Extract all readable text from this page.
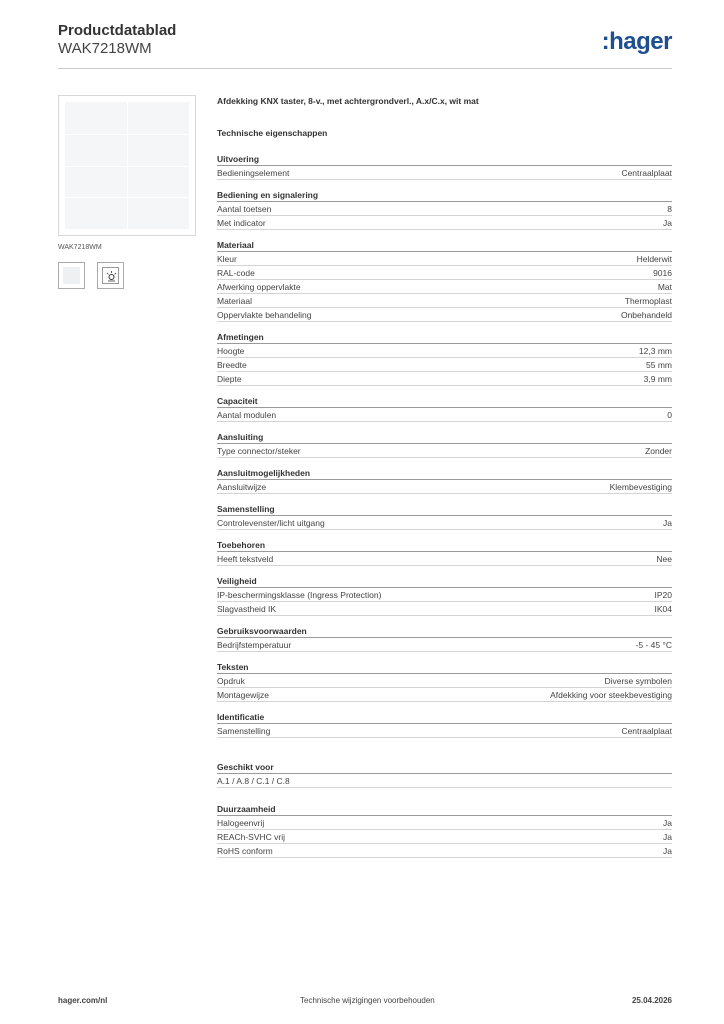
Productdatablad
WAK7218WM	:hager
WAK7218WM
Afdekking KNX taster, 8-v., met achtergrondverl., A.x/C.x, wit mat
Technische eigenschappen
Uitvoering
Bedieningselement	Centraalplaat
Bediening en signalering
Aantal toetsen	8
Met indicator	Ja
Materiaal
Kleur	Helderwit
RAL-code	9016
Afwerking oppervlakte	Mat
Materiaal	Thermoplast
Oppervlakte behandeling	Onbehandeld
Afmetingen
Hoogte	12,3 mm
Breedte	55 mm
Diepte	3,9 mm
Capaciteit
Aantal modulen	0
Aansluiting
Type connector/steker	Zonder
Aansluitmogelijkheden
Aansluitwijze	Klembevestiging
Samenstelling
Controlevenster/licht uitgang	Ja
Toebehoren
Heeft tekstveld	Nee
Veiligheid
IP-beschermingsklasse (Ingress Protection)	IP20
Slagvastheid IK	IK04
Gebruiksvoorwaarden
Bedrijfstemperatuur	-5 - 45 °C
Teksten
Opdruk	Diverse symbolen
Montagewijze	Afdekking voor steekbevestiging
Identificatie
Samenstelling	Centraalplaat
Geschikt voor
A.1 / A.8 / C.1 / C.8
Duurzaamheid
Halogeenvrij	Ja
REACh-SVHC vrij	Ja
RoHS conform	Ja
hager.com/nl	Technische wijzigingen voorbehouden	25.04.2026
